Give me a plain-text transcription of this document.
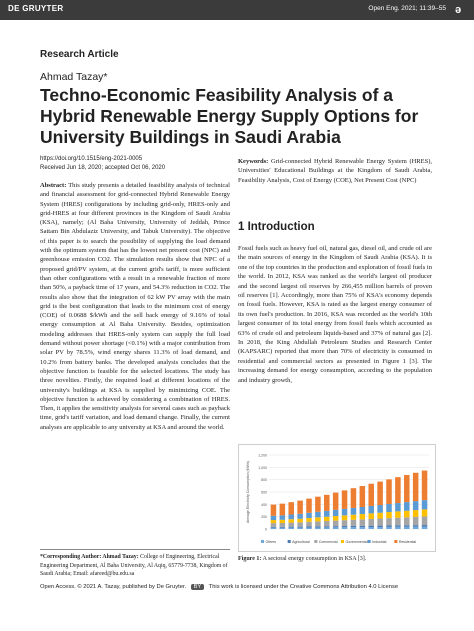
DE GRUYTER	Open Eng. 2021; 11:39–55 ə
Research Article
Ahmad Tazay*
Techno-Economic Feasibility Analysis of a Hybrid Renewable Energy Supply Options for University Buildings in Saudi Arabia
https://doi.org/10.1515/eng-2021-0005
Received Jun 18, 2020; accepted Oct 06, 2020
Abstract: This study presents a detailed feasibility analysis of technical and financial assessment for grid-connected Hybrid Renewable Energy System (HRES) configurations by including grid-only, HRES-only and grid-HRES at four different provinces in the Kingdom of Saudi Arabia (KSA), namely; (Al Baha University, University of Jeddah, Prince Sattam Bin Abdulaziz University, and Tabuk University). The objective of this paper is to search the possibility of supplying the load demand with the optimum system that has the lowest net present cost (NPC) and greenhouse emission CO2. The simulation results show that NPC of a proposed grid/PV system, at the current grid's tariff, is more sufficient than other configurations with a result in a renewable fraction of more than 50%, a payback time of 17 years, and 54.3% reduction in CO2. The results also show that the integration of 62 kW PV array with the main grid is the best configuration that leads to the minimum cost of energy (COE) of 0.0688 $/kWh and the sell back energy of 9.16% of total energy consumption at Al Baha University. Besides, optimization modeling addresses that HRES-only system can supply the full load demand without power shortage (<0.1%) with a major contribution from solar PV by 78.5%, wind energy shares 11.3% of load demand, and 10.2% from battery banks. The developed analysis concludes that the objective function is feasible for the selected locations. The study has three novelties. Firstly, the required load at different locations of the university's buildings at KSA is supplied by minimizing COE. The objective function is achieved by considering a combination of HRES. Then, it applies the sensitivity analysis for several cases such as payback time, grid's tariff variation, and load demand change. Finally, the current analyses are applicable to any university at KSA and around the world.
Keywords: Grid-connected Hybrid Renewable Energy System (HRES), Universities' Educational Buildings at the Kingdom of Saudi Arabia, Feasibility Analysis, Cost of Energy (COE), Net Present Cost (NPC)
1 Introduction
Fossil fuels such as heavy fuel oil, natural gas, diesel oil, and crude oil are the main sources of energy in the Kingdom of Saudi Arabia (KSA). It is one of the top countries in the production and exploration of fossil fuels in the world. In 2012, KSA was ranked as the world's largest oil producer and the second largest oil reserves by 266,455 million barrels of proven oil reserves [1]. Accordingly, more than 75% of KSA's economy depends on fossil fuels. However, KSA is rated as the largest energy consumer of its own fuel's production. In 2016, KSA was recorded as the world's 10th largest consumer of its total energy from fossil fuels which accounted as 63% of crude oil and petroleum liquids-based and 37% of natural gas [2]. In 2018, the King Abdullah Petroleum Studies and Research Center (KAPSARC) reported that more than 70% of electricity is consumed in residential and commercial sectors as presented in Figure 1 [3]. The increasing demand for energy consumption, according to the population and industry growth,
1,200
1,000
800
600
400
200
0
Average Electricity Consumption (MWh)
Others	Agricultural	Commercial Governmental Industrial	Residential
Figure 1: A sectoral energy consumption in KSA [3].
*Corresponding Author: Ahmad Tazay: College of Engineering, Electrical Engineering Department, Al Baha University, Al Aqiq, 65779-7738, Kingdom of Saudi Arabia; Email: afareed@bu.edu.sa
Open Access. © 2021 A. Tazay, published by De Gruyter. BY This work is licensed under the Creative Commons Attribution 4.0 License
